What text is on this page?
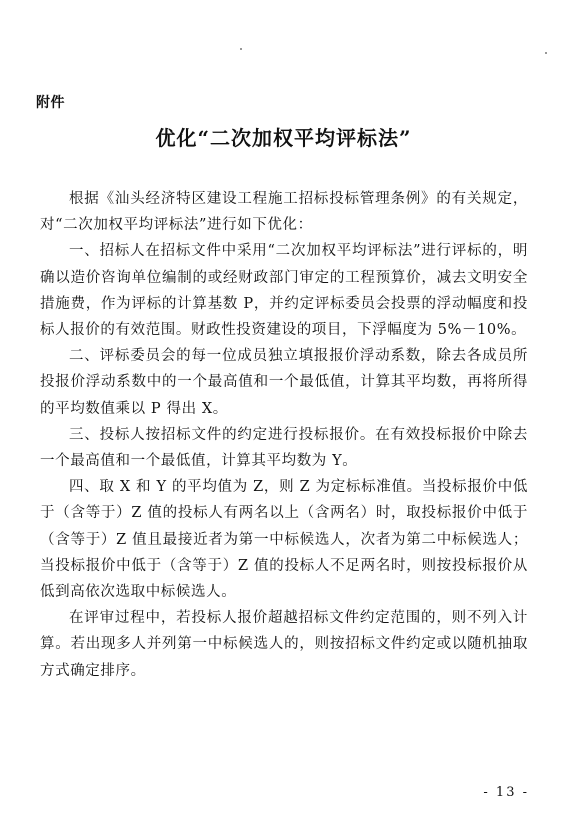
附件
优化“二次加权平均评标法”

根据《汕头经济特区建设工程施工招标投标管理条例》的有关规定，对“二次加权平均评标法”进行如下优化：

一、招标人在招标文件中采用“二次加权平均评标法”进行评标的，明确以造价咨询单位编制的或经财政部门审定的工程预算价，减去文明安全措施费，作为评标的计算基数 P，并约定评标委员会投票的浮动幅度和投标人报价的有效范围。财政性投资建设的项目，下浮幅度为 5%－10%。

二、评标委员会的每一位成员独立填报报价浮动系数，除去各成员所投报价浮动系数中的一个最高值和一个最低值，计算其平均数，再将所得的平均数值乘以 P 得出 X。

三、投标人按招标文件的约定进行投标报价。在有效投标报价中除去一个最高值和一个最低值，计算其平均数为 Y。

四、取 X 和 Y 的平均值为 Z，则 Z 为定标标准值。当投标报价中低于（含等于）Z 值的投标人有两名以上（含两名）时，取投标报价中低于（含等于）Z 值且最接近者为第一中标候选人，次者为第二中标候选人；当投标报价中低于（含等于）Z 值的投标人不足两名时，则按投标报价从低到高依次选取中标候选人。

在评审过程中，若投标人报价超越招标文件约定范围的，则不列入计算。若出现多人并列第一中标候选人的，则按招标文件约定或以随机抽取方式确定排序。

- 13 -
